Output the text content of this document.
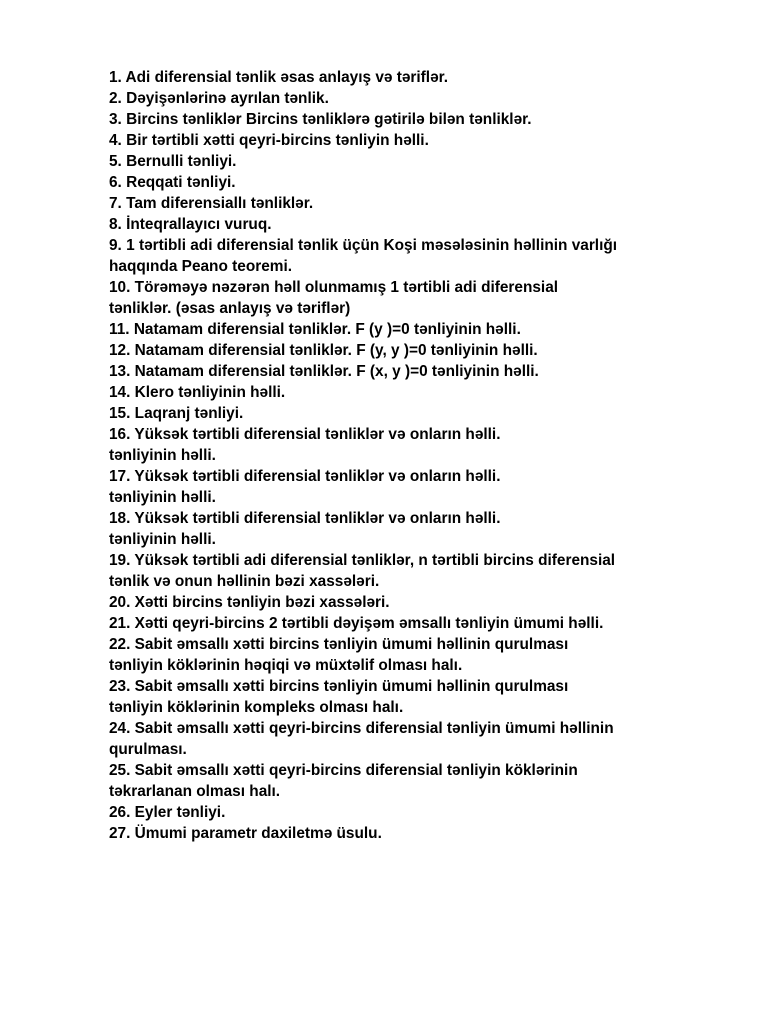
1. Adi diferensial tənlik əsas anlayış və təriflər.
2. Dəyişənlərinə ayrılan tənlik.
3. Bircins tənliklər Bircins tənliklərə gətirilə bilən tənliklər.
4. Bir tərtibli xətti qeyri-bircins tənliyin həlli.
5. Bernulli tənliyi.
6. Reqqati tənliyi.
7. Tam diferensiallı tənliklər.
8. İnteqrallayıcı vuruq.
9. 1 tərtibli adi diferensial tənlik üçün Koşi məsələsinin həllinin varlığı
haqqında Peano teoremi.
10. Törəməyə nəzərən həll olunmamış 1 tərtibli adi diferensial
tənliklər. (əsas anlayış və təriflər)
11. Natamam diferensial tənliklər. F (y )=0 tənliyinin həlli.
12. Natamam diferensial tənliklər. F (y, y )=0 tənliyinin həlli.
13. Natamam diferensial tənliklər. F (x, y )=0 tənliyinin həlli.
14. Klero tənliyinin həlli.
15. Laqranj tənliyi.
16. Yüksək tərtibli diferensial tənliklər və onların həlli.
tənliyinin həlli.
17. Yüksək tərtibli diferensial tənliklər və onların həlli.
tənliyinin həlli.
18. Yüksək tərtibli diferensial tənliklər və onların həlli.
tənliyinin həlli.
19. Yüksək tərtibli adi diferensial tənliklər, n tərtibli bircins diferensial
tənlik və onun həllinin bəzi xassələri.
20. Xətti bircins tənliyin bəzi xassələri.
21. Xətti qeyri-bircins 2 tərtibli dəyişəm əmsallı tənliyin ümumi həlli.
22. Sabit əmsallı xətti bircins tənliyin ümumi həllinin qurulması
tənliyin köklərinin həqiqi və müxtəlif olması halı.
23. Sabit əmsallı xətti bircins tənliyin ümumi həllinin qurulması
tənliyin köklərinin kompleks olması halı.
24. Sabit əmsallı xətti qeyri-bircins diferensial tənliyin ümumi həllinin
qurulması.
25. Sabit əmsallı xətti qeyri-bircins diferensial tənliyin köklərinin
təkrarlanan olması halı.
26. Eyler tənliyi.
27. Ümumi parametr daxiletmə üsulu.
